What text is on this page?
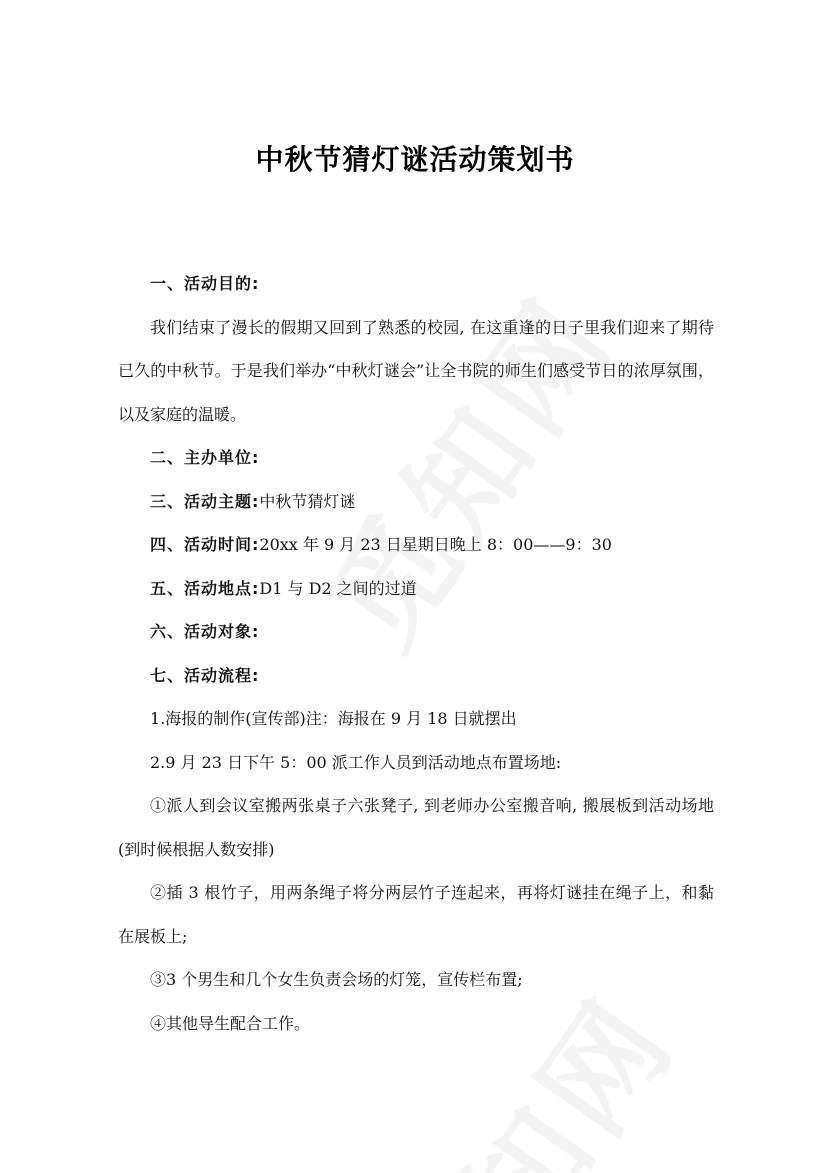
中秋节猜灯谜活动策划书

一、活动目的:

我们结束了漫长的假期又回到了熟悉的校园, 在这重逢的日子里我们迎来了期待已久的中秋节。于是我们举办“中秋灯谜会”让全书院的师生们感受节日的浓厚氛围，以及家庭的温暖。

二、主办单位:

三、活动主题:中秋节猜灯谜

四、活动时间:20xx 年 9 月 23 日星期日晚上 8：00——9：30

五、活动地点:D1 与 D2 之间的过道

六、活动对象:

七、活动流程:

1.海报的制作(宣传部)注：海报在 9 月 18 日就摆出

2.9 月 23 日下午 5：00 派工作人员到活动地点布置场地:

①派人到会议室搬两张桌子六张凳子, 到老师办公室搬音响, 搬展板到活动场地(到时候根据人数安排)

②插 3 根竹子，用两条绳子将分两层竹子连起来，再将灯谜挂在绳子上，和黏在展板上;

③3 个男生和几个女生负责会场的灯笼，宣传栏布置;

④其他导生配合工作。
